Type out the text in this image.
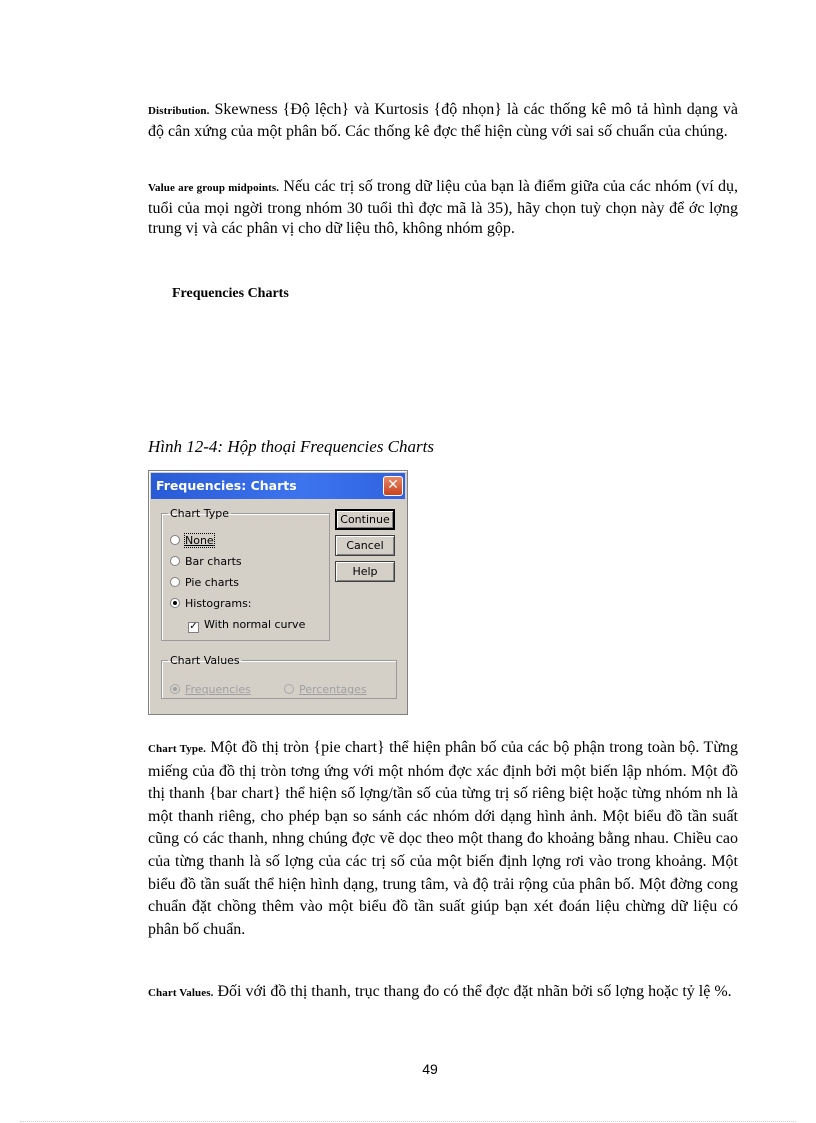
Distribution. Skewness {Độ lệch} và Kurtosis {độ nhọn} là các thống kê mô tả hình dạng và độ cân xứng của một phân bố. Các thống kê đợc thể hiện cùng với sai số chuẩn của chúng.

Value are group midpoints. Nếu các trị số trong dữ liệu của bạn là điểm giữa của các nhóm (ví dụ, tuổi của mọi ngời trong nhóm 30 tuổi thì đợc mã là 35), hãy chọn tuỳ chọn này để ớc lợng trung vị và các phân vị cho dữ liệu thô, không nhóm gộp.

Frequencies Charts

Hình 12-4: Hộp thoại Frequencies Charts

Frequencies: Charts	✕
Chart Type
None
Bar charts
Pie charts
Histograms:
✓ With normal curve
Continue
Cancel
Help
Chart Values
Frequencies	Percentages

Chart Type. Một đồ thị tròn {pie chart} thể hiện phân bố của các bộ phận trong toàn bộ. Từng miếng của đồ thị tròn tơng ứng với một nhóm đợc xác định bởi một biến lập nhóm. Một đồ thị thanh {bar chart} thể hiện số lợng/tần số của từng trị số riêng biệt hoặc từng nhóm nh là một thanh riêng, cho phép bạn so sánh các nhóm dới dạng hình ảnh. Một biểu đồ tần suất cũng có các thanh, nhng chúng đợc vẽ dọc theo một thang đo khoảng bằng nhau. Chiều cao của từng thanh là số lợng của các trị số của một biến định lợng rơi vào trong khoảng. Một biểu đồ tần suất thể hiện hình dạng, trung tâm, và độ trải rộng của phân bố. Một đờng cong chuẩn đặt chồng thêm vào một biểu đồ tần suất giúp bạn xét đoán liệu chừng dữ liệu có phân bố chuẩn.

Chart Values. Đối với đồ thị thanh, trục thang đo có thể đợc đặt nhãn bởi số lợng hoặc tỷ lệ %.

49
